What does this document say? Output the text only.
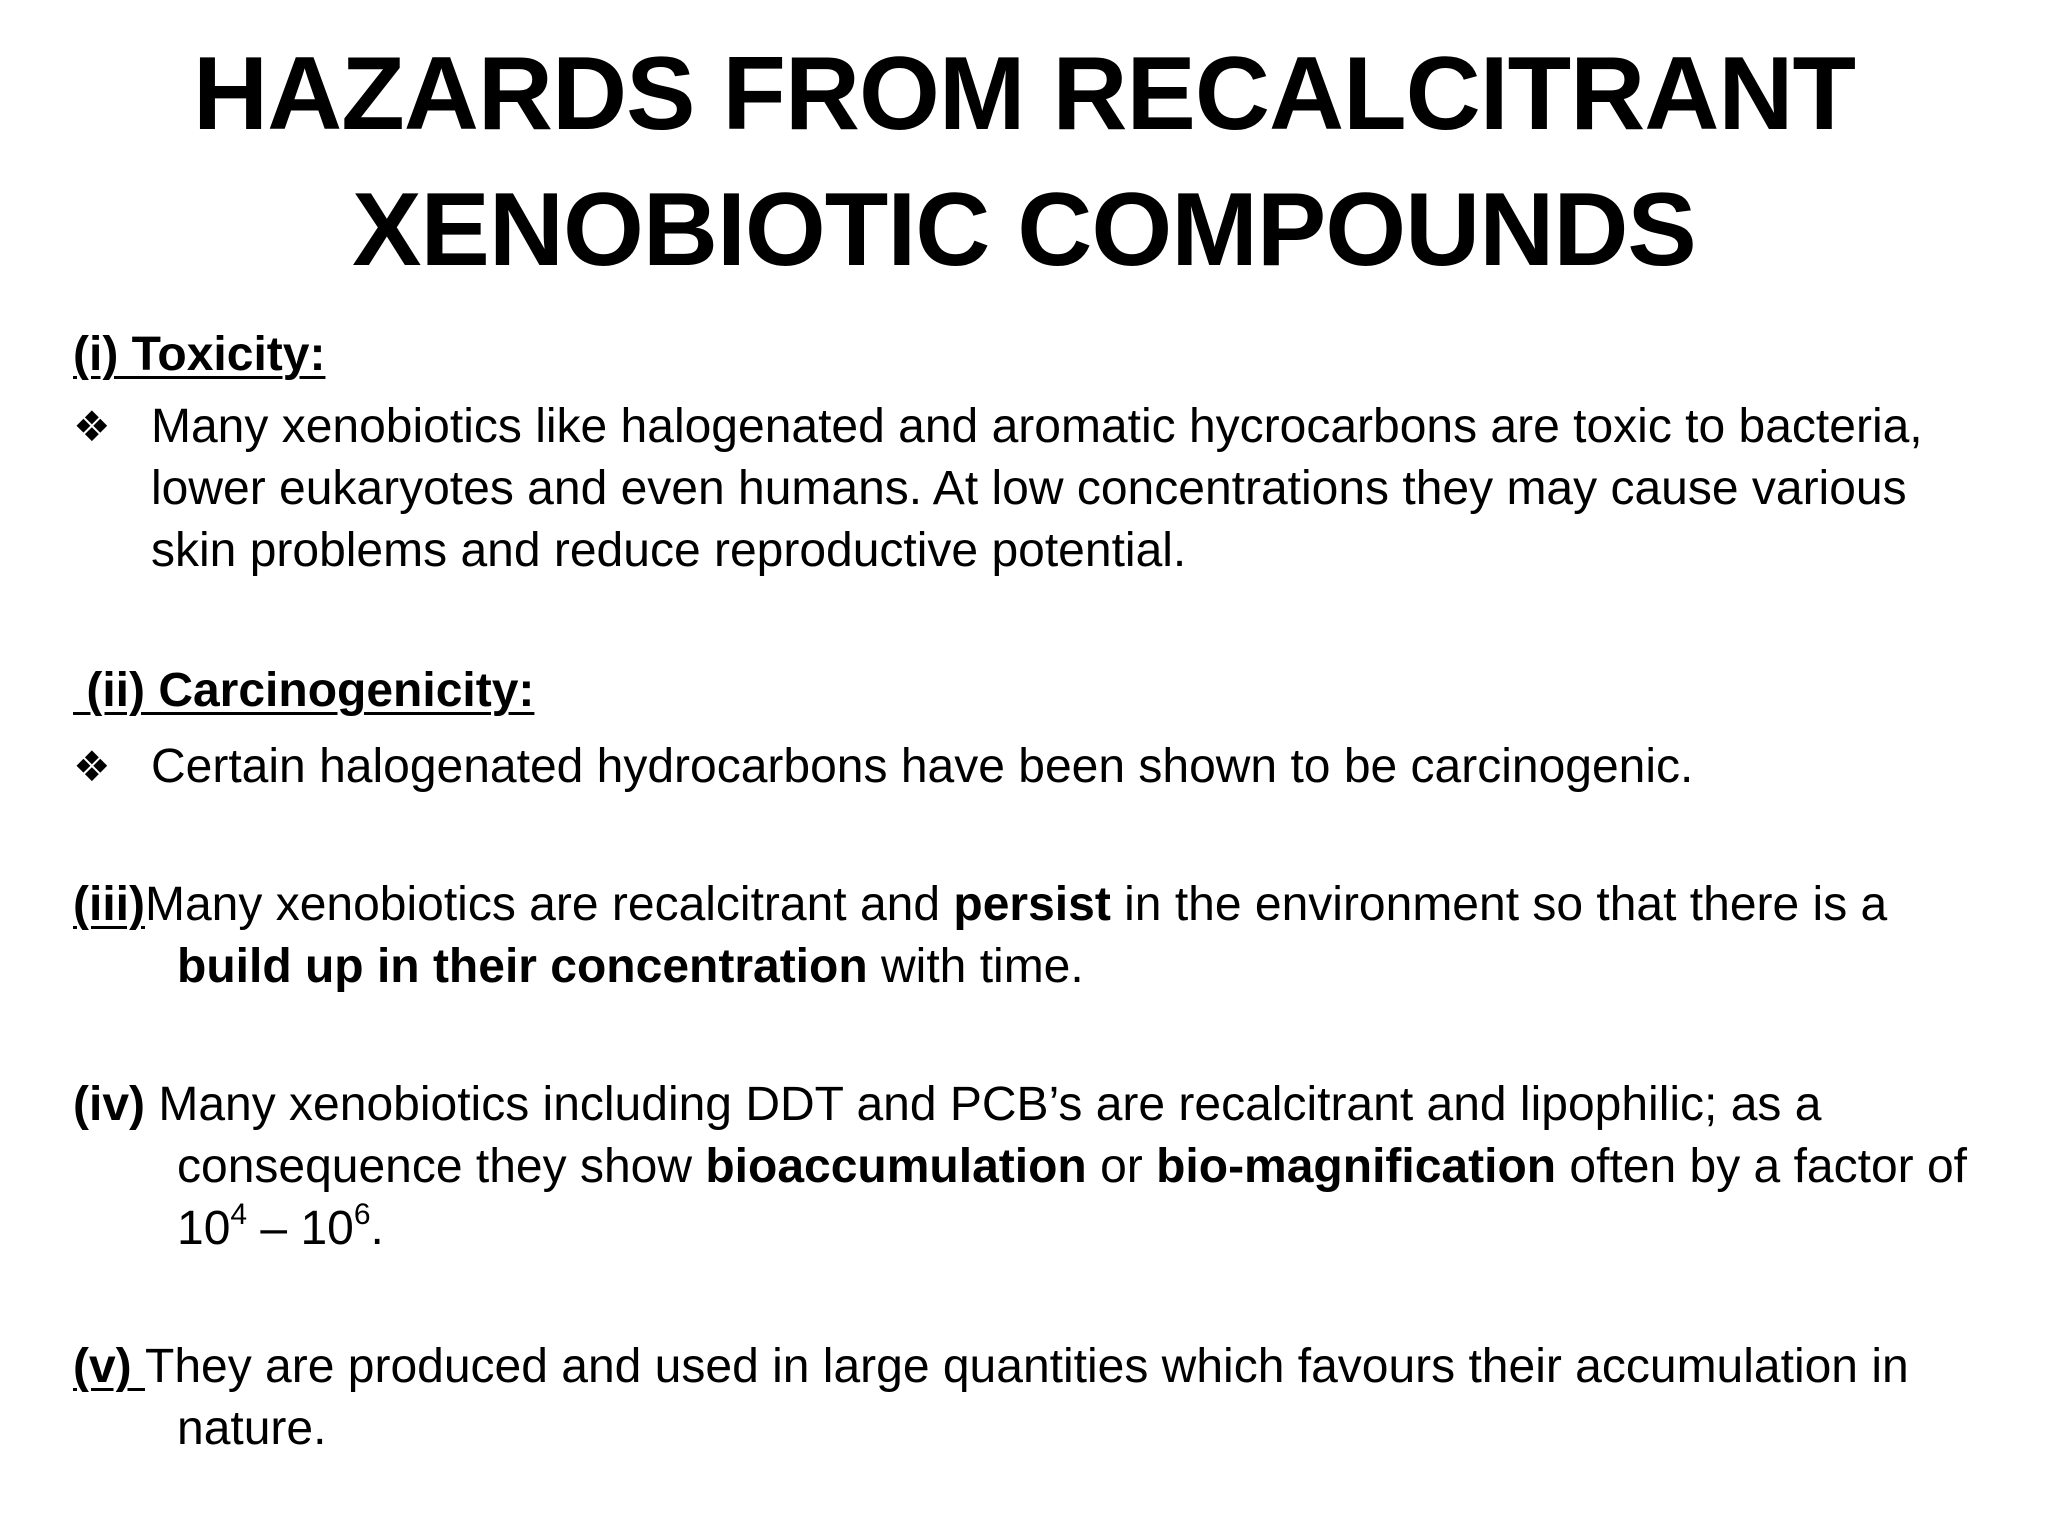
HAZARDS FROM RECALCITRANT
XENOBIOTIC COMPOUNDS
(i) Toxicity:
❖ Many xenobiotics like halogenated and aromatic hycrocarbons are toxic to bacteria, lower eukaryotes and even humans. At low concentrations they may cause various skin problems and reduce reproductive potential.
(ii) Carcinogenicity:
❖ Certain halogenated hydrocarbons have been shown to be carcinogenic.
(iii)Many xenobiotics are recalcitrant and persist in the environment so that there is a build up in their concentration with time.
(iv) Many xenobiotics including DDT and PCB’s are recalcitrant and lipophilic; as a consequence they show bioaccumulation or bio-magnification often by a factor of $10^4 - 10^6$.
(v) They are produced and used in large quantities which favours their accumulation in nature.
